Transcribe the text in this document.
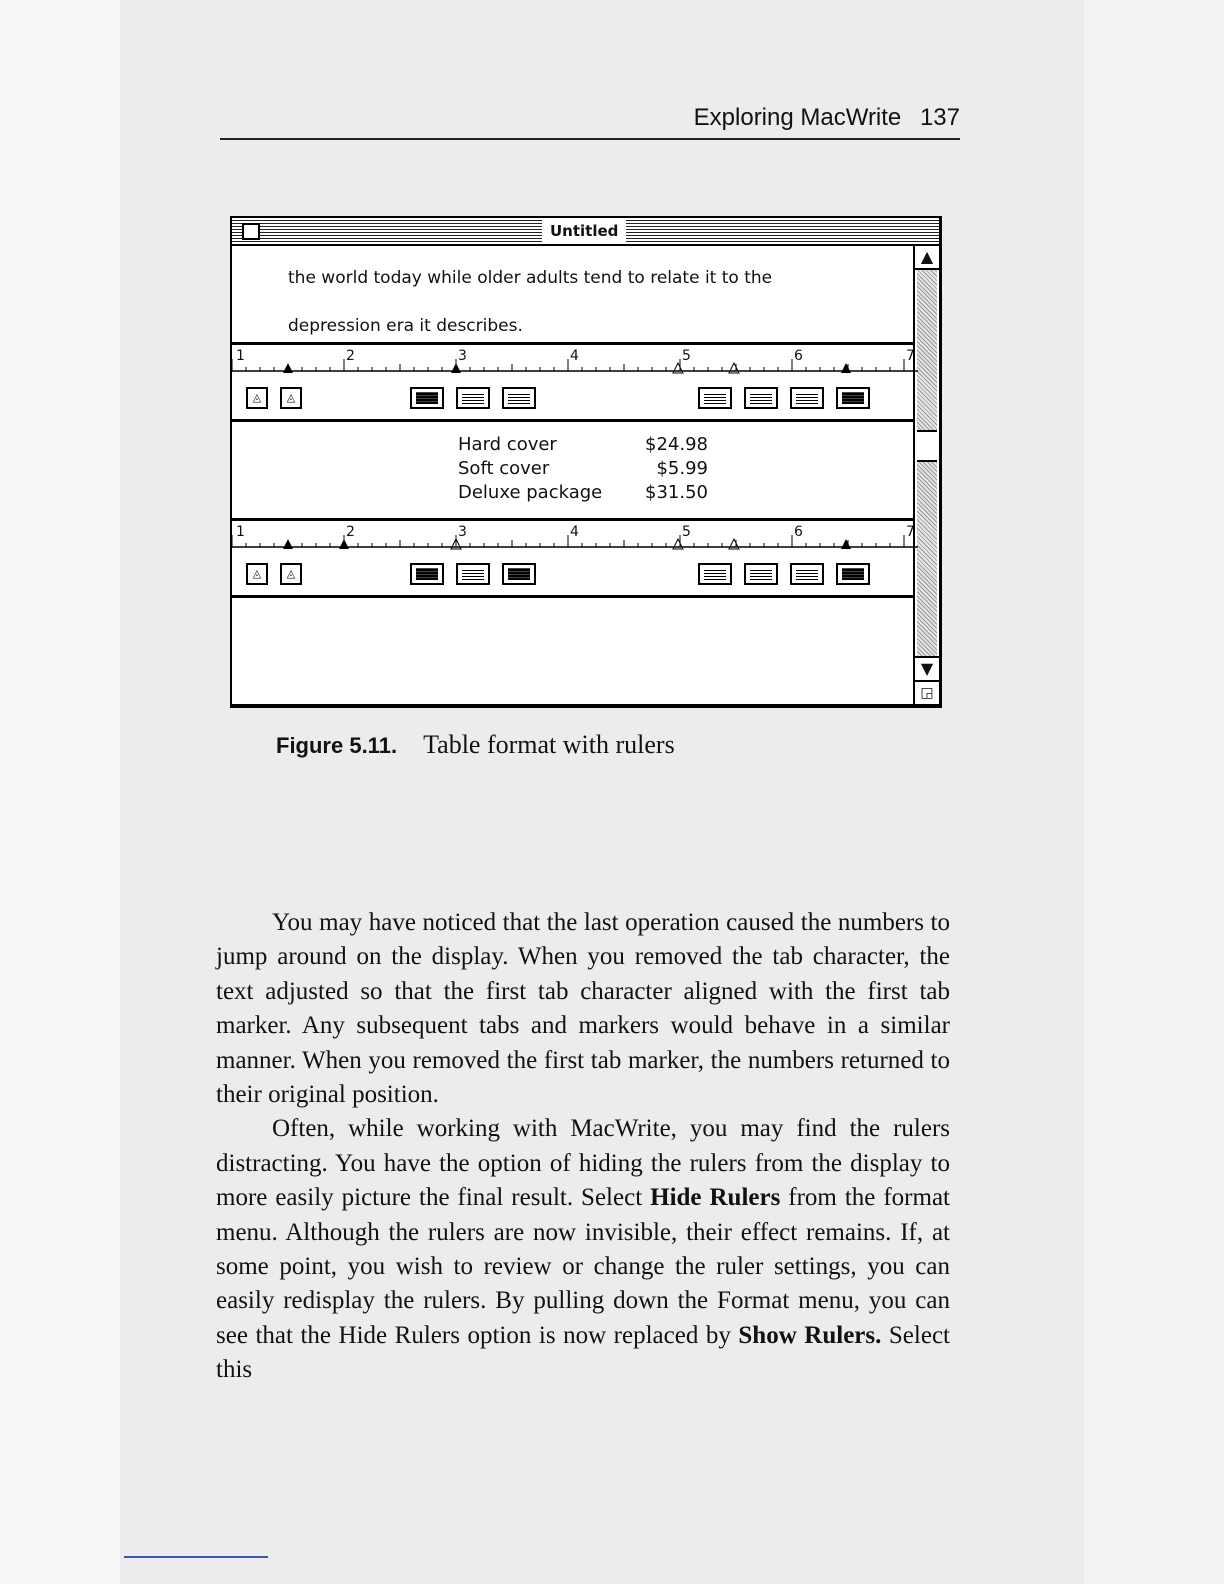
Exploring MacWrite 137
Untitled
▲
▼
◲
the world today while older adults tend to relate it to the
depression era it describes.
1	2	3	4	5	6	7
◬	◬
Hard cover	$24.98
Soft cover	$5.99
Deluxe package	$31.50
1	2	3	4	5	6	7
◬	◬
Figure 5.11. Table format with rulers

You may have noticed that the last operation caused the numbers to jump around on the display. When you removed the tab character, the text adjusted so that the first tab character aligned with the first tab marker. Any subsequent tabs and markers would behave in a similar manner. When you removed the first tab marker, the numbers returned to their original position.

Often, while working with MacWrite, you may find the rulers distracting. You have the option of hiding the rulers from the display to more easily picture the final result. Select Hide Rulers from the format menu. Although the rulers are now invisible, their effect remains. If, at some point, you wish to review or change the ruler settings, you can easily redisplay the rulers. By pulling down the Format menu, you can see that the Hide Rulers option is now replaced by Show Rulers. Select this
